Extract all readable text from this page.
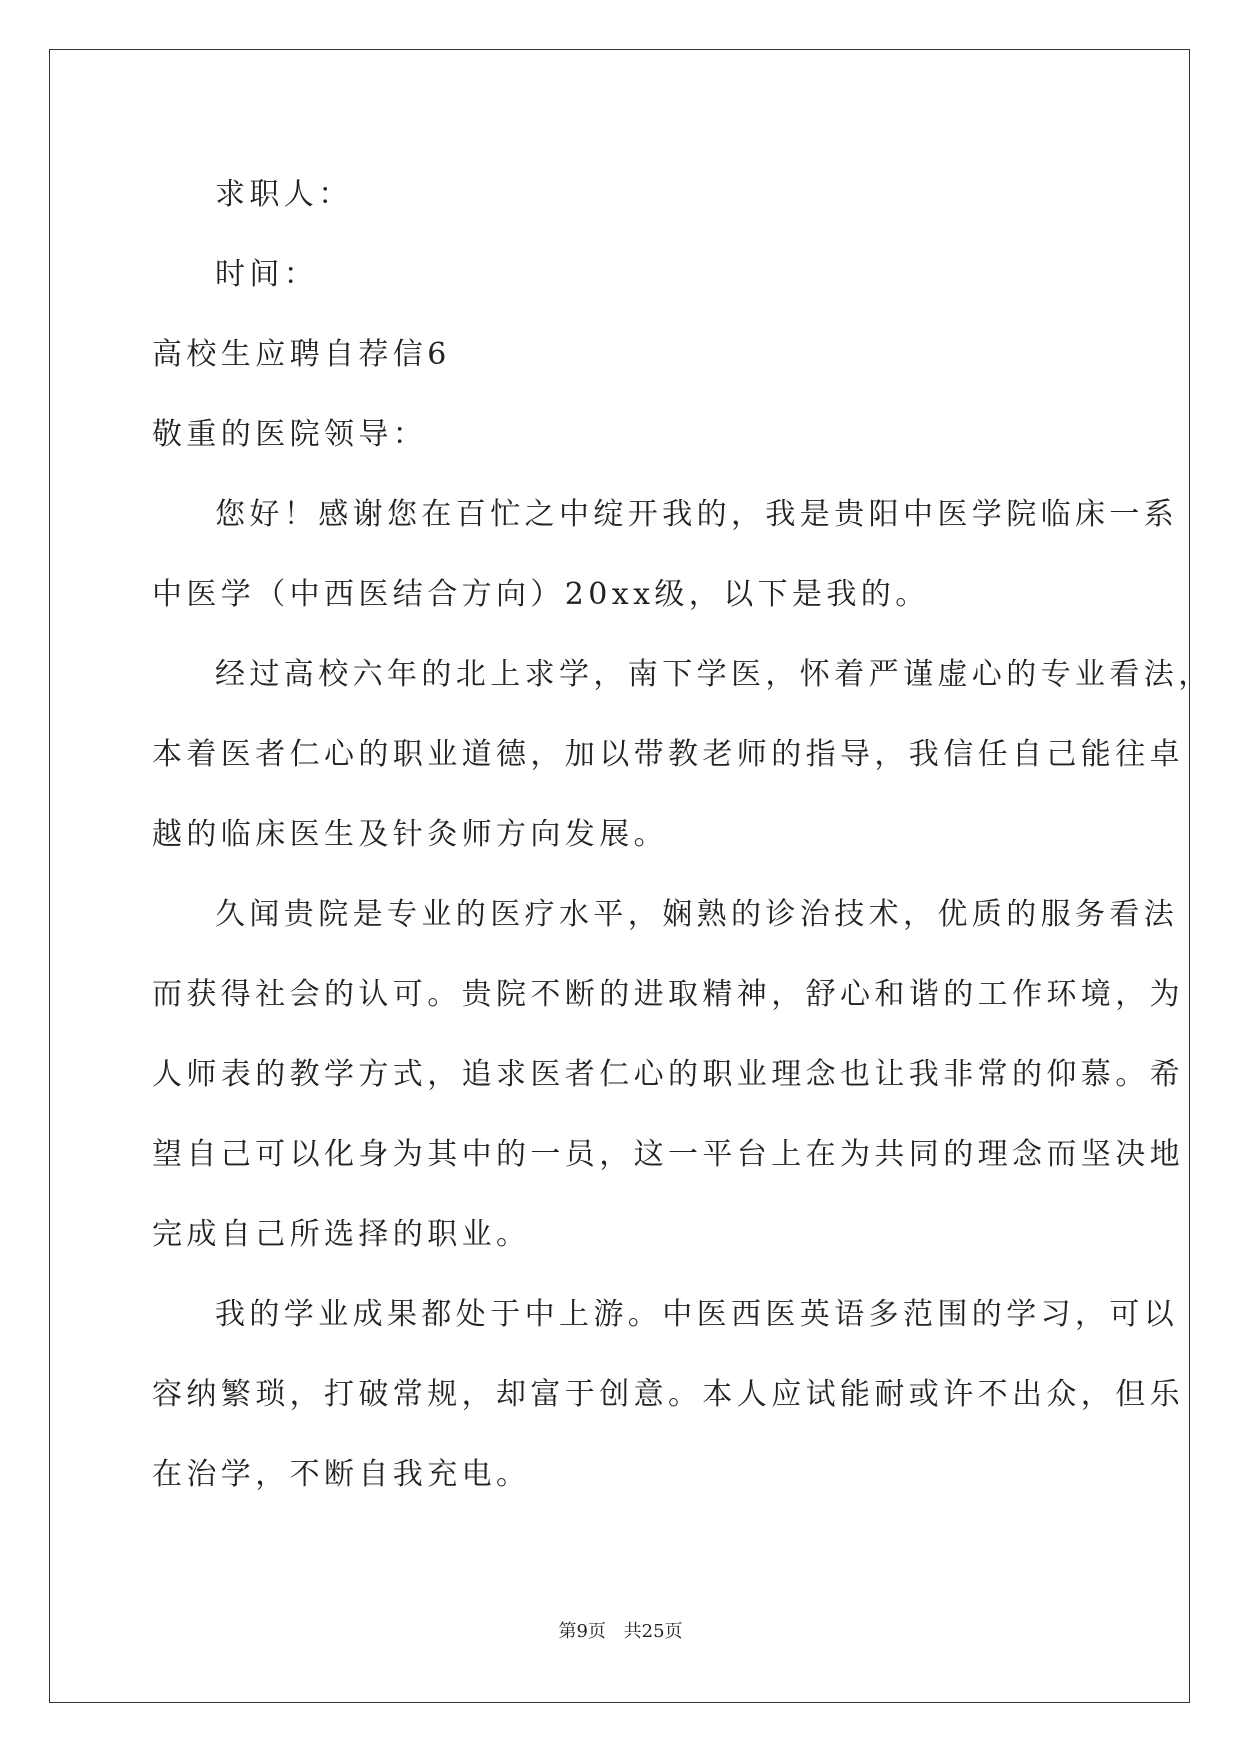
求职人：
时间：
高校生应聘自荐信6
敬重的医院领导：
您好！感谢您在百忙之中绽开我的，我是贵阳中医学院临床一系
中医学（中西医结合方向）20xx级，以下是我的。
经过高校六年的北上求学，南下学医，怀着严谨虚心的专业看法，
本着医者仁心的职业道德，加以带教老师的指导，我信任自己能往卓
越的临床医生及针灸师方向发展。
久闻贵院是专业的医疗水平，娴熟的诊治技术，优质的服务看法
而获得社会的认可。贵院不断的进取精神，舒心和谐的工作环境，为
人师表的教学方式，追求医者仁心的职业理念也让我非常的仰慕。希
望自己可以化身为其中的一员，这一平台上在为共同的理念而坚决地
完成自己所选择的职业。
我的学业成果都处于中上游。中医西医英语多范围的学习，可以
容纳繁琐，打破常规，却富于创意。本人应试能耐或许不出众，但乐
在治学，不断自我充电。
第9页 共25页
